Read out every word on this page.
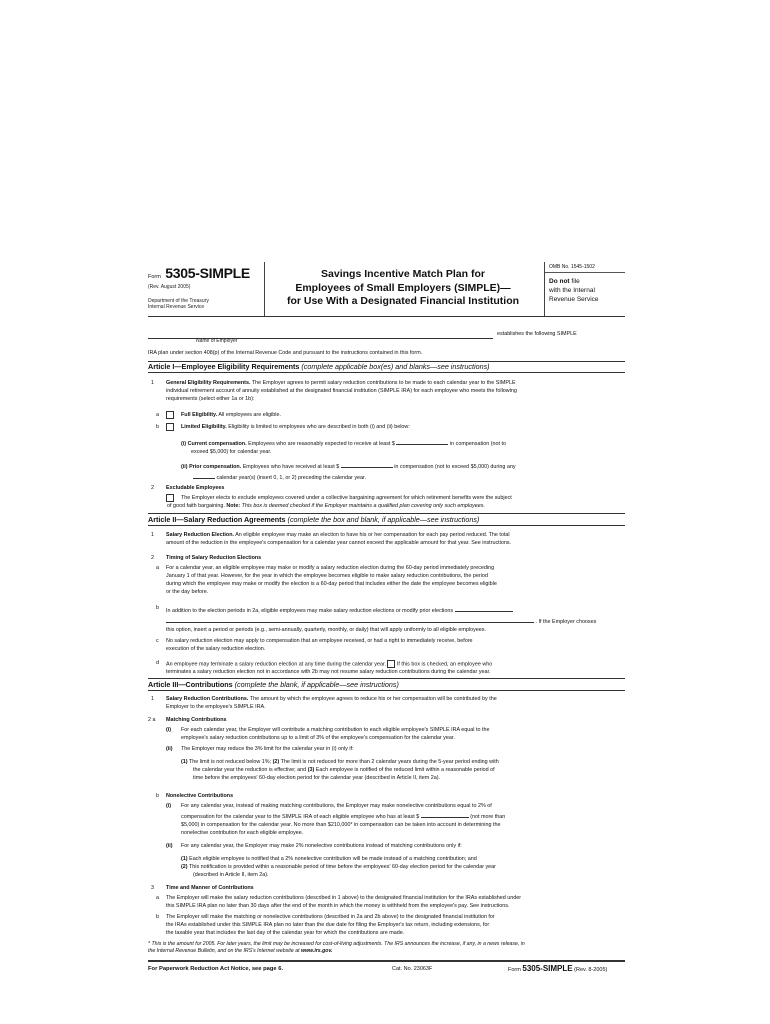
Form 5305-SIMPLE
(Rev. August 2005)
Department of the Treasury
Internal Revenue Service
Savings Incentive Match Plan for
Employees of Small Employers (SIMPLE)—
for Use With a Designated Financial Institution
OMB No. 1545-1502
Do not file
with the Internal
Revenue Service
establishes the following SIMPLE
Name of Employer
IRA plan under section 408(p) of the Internal Revenue Code and pursuant to the instructions contained in this form.
Article I—Employee Eligibility Requirements (complete applicable box(es) and blanks—see instructions)
1 General Eligibility Requirements. The Employer agrees to permit salary reduction contributions to be made to each calendar year to the SIMPLE
individual retirement account of annuity established at the designated financial institution (SIMPLE IRA) for each employee who meets the following
requirements (select either 1a or 1b):
a	Full Eligibility. All employees are eligible.
b	Limited Eligibility. Eligibility is limited to employees who are described in both (i) and (ii) below:
(i) Current compensation. Employees who are reasonably expected to receive at least $	in compensation (not to
exceed $5,000) for calendar year.
(ii) Prior compensation. Employees who have received at least $	in compensation (not to exceed $5,000) during any
calendar year(s) (insert 0, 1, or 2) preceding the calendar year.
2 Excludable Employees
The Employer elects to exclude employees covered under a collective bargaining agreement for which retirement benefits were the subject
of good faith bargaining. Note: This box is deemed checked if the Employer maintains a qualified plan covering only such employees.
Article II—Salary Reduction Agreements (complete the box and blank, if applicable—see instructions)
1 Salary Reduction Election. An eligible employee may make an election to have his or her compensation for each pay period reduced. The total
amount of the reduction in the employee's compensation for a calendar year cannot exceed the applicable amount for that year. See instructions.
2 Timing of Salary Reduction Elections
a For a calendar year, an eligible employee may make or modify a salary reduction election during the 60-day period immediately preceding
January 1 of that year. However, for the year in which the employee becomes eligible to make salary reduction contributions, the period
during which the employee may make or modify the election is a 60-day period that includes either the date the employee becomes eligible
or the day before.
b In addition to the election periods in 2a, eligible employees may make salary reduction elections or modify prior elections
. If the Employer chooses
this option, insert a period or periods (e.g., semi-annually, quarterly, monthly, or daily) that will apply uniformly to all eligible employees.
c No salary reduction election may apply to compensation that an employee received, or had a right to immediately receive, before
execution of the salary reduction election.
d An employee may terminate a salary reduction election at any time during the calendar year. If this box is checked, an employee who
terminates a salary reduction election not in accordance with 2b may not resume salary reduction contributions during the calendar year.
Article III—Contributions (complete the blank, if applicable—see instructions)
1 Salary Reduction Contributions. The amount by which the employee agrees to reduce his or her compensation will be contributed by the
Employer to the employee's SIMPLE IRA.
2 a Matching Contributions
(i) For each calendar year, the Employer will contribute a matching contribution to each eligible employee's SIMPLE IRA equal to the
employee's salary reduction contributions up to a limit of 3% of the employee's compensation for the calendar year.
(ii) The Employer may reduce the 3% limit for the calendar year in (i) only if:
(1) The limit is not reduced below 1%; (2) The limit is not reduced for more than 2 calendar years during the 5-year period ending with
the calendar year the reduction is effective; and (3) Each employee is notified of the reduced limit within a reasonable period of
time before the employees' 60-day election period for the calendar year (described in Article II, item 2a).
b Nonelective Contributions
(i) For any calendar year, instead of making matching contributions, the Employer may make nonelective contributions equal to 2% of
compensation for the calendar year to the SIMPLE IRA of each eligible employee who has at least $	(not more than
$5,000) in compensation for the calendar year. No more than $210,000* in compensation can be taken into account in determining the
nonelective contribution for each eligible employee.
(ii) For any calendar year, the Employer may make 2% nonelective contributions instead of matching contributions only if:
(1) Each eligible employee is notified that a 2% nonelective contribution will be made instead of a matching contribution; and
(2) This notification is provided within a reasonable period of time before the employees' 60-day election period for the calendar year
(described in Article II, item 2a).
3 Time and Manner of Contributions
a The Employer will make the salary reduction contributions (described in 1 above) to the designated financial institution for the IRAs established under
this SIMPLE IRA plan no later than 30 days after the end of the month in which the money is withheld from the employee's pay. See instructions.
b The Employer will make the matching or nonelective contributions (described in 2a and 2b above) to the designated financial institution for
the IRAs established under this SIMPLE IRA plan no later than the due date for filing the Employer's tax return, including extensions, for
the taxable year that includes the last day of the calendar year for which the contributions are made.
* This is the amount for 2005. For later years, the limit may be increased for cost-of-living adjustments. The IRS announces the increase, if any, in a news release, in
the Internal Revenue Bulletin, and on the IRS's Internet website at www.irs.gov.
For Paperwork Reduction Act Notice, see page 6.	Cat. No. 23063F	Form 5305-SIMPLE (Rev. 8-2005)
